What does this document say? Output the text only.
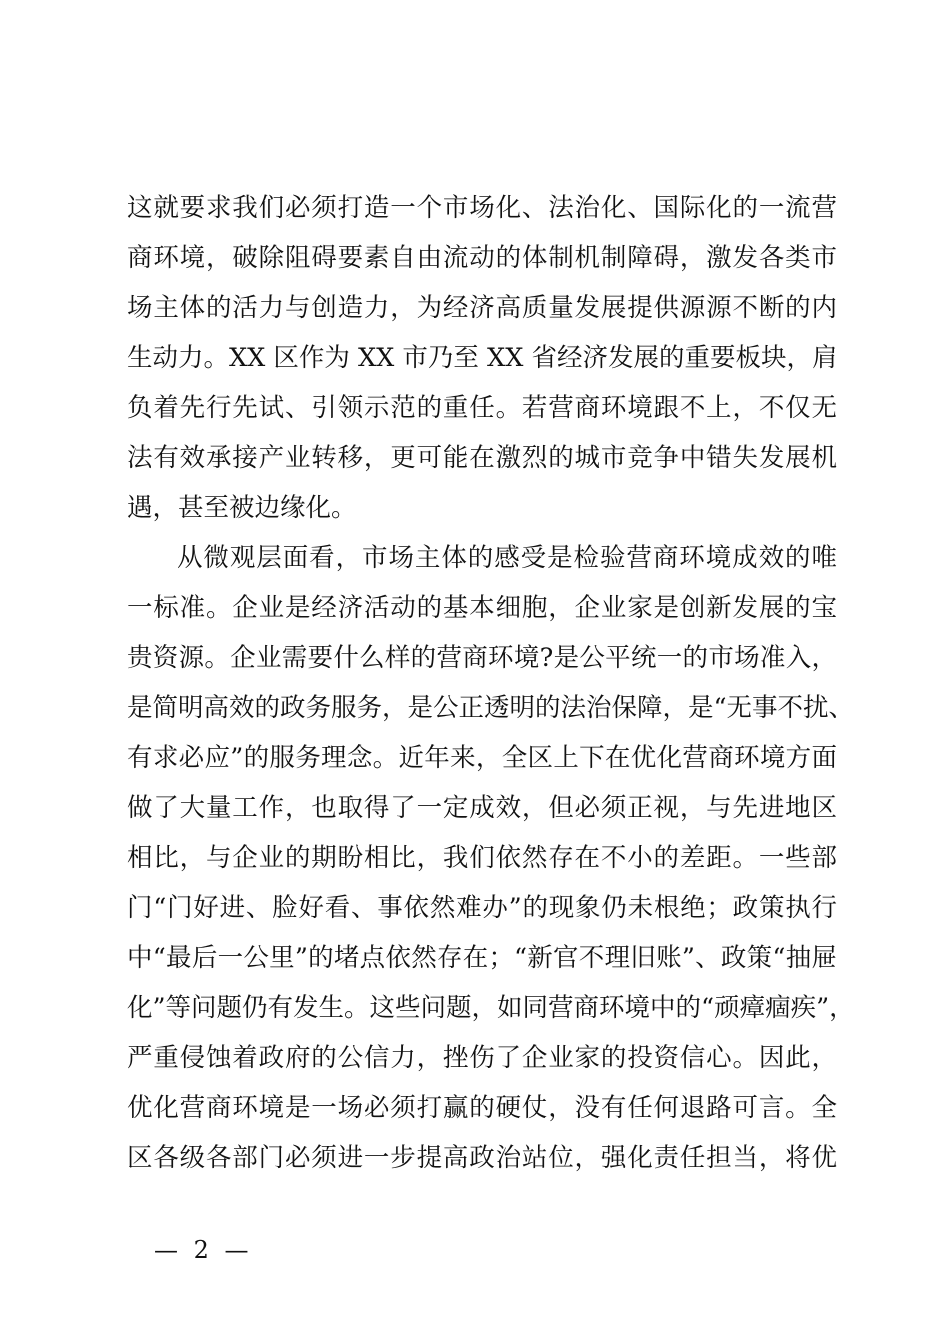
这就要求我们必须打造一个市场化、法治化、国际化的一流营
商环境，破除阻碍要素自由流动的体制机制障碍，激发各类市
场主体的活力与创造力，为经济高质量发展提供源源不断的内
生动力。XX 区作为 XX 市乃至 XX 省经济发展的重要板块，肩
负着先行先试、引领示范的重任。若营商环境跟不上，不仅无
法有效承接产业转移，更可能在激烈的城市竞争中错失发展机
遇，甚至被边缘化。
从微观层面看，市场主体的感受是检验营商环境成效的唯
一标准。企业是经济活动的基本细胞，企业家是创新发展的宝
贵资源。企业需要什么样的营商环境?是公平统一的市场准入，
是简明高效的政务服务，是公正透明的法治保障，是“无事不扰、
有求必应”的服务理念。近年来，全区上下在优化营商环境方面
做了大量工作，也取得了一定成效，但必须正视，与先进地区
相比，与企业的期盼相比，我们依然存在不小的差距。一些部
门“门好进、脸好看、事依然难办”的现象仍未根绝；政策执行
中“最后一公里”的堵点依然存在；“新官不理旧账”、政策“抽屉
化”等问题仍有发生。这些问题，如同营商环境中的“顽瘴痼疾”，
严重侵蚀着政府的公信力，挫伤了企业家的投资信心。因此，
优化营商环境是一场必须打赢的硬仗，没有任何退路可言。全
区各级各部门必须进一步提高政治站位，强化责任担当，将优
— 2 —
